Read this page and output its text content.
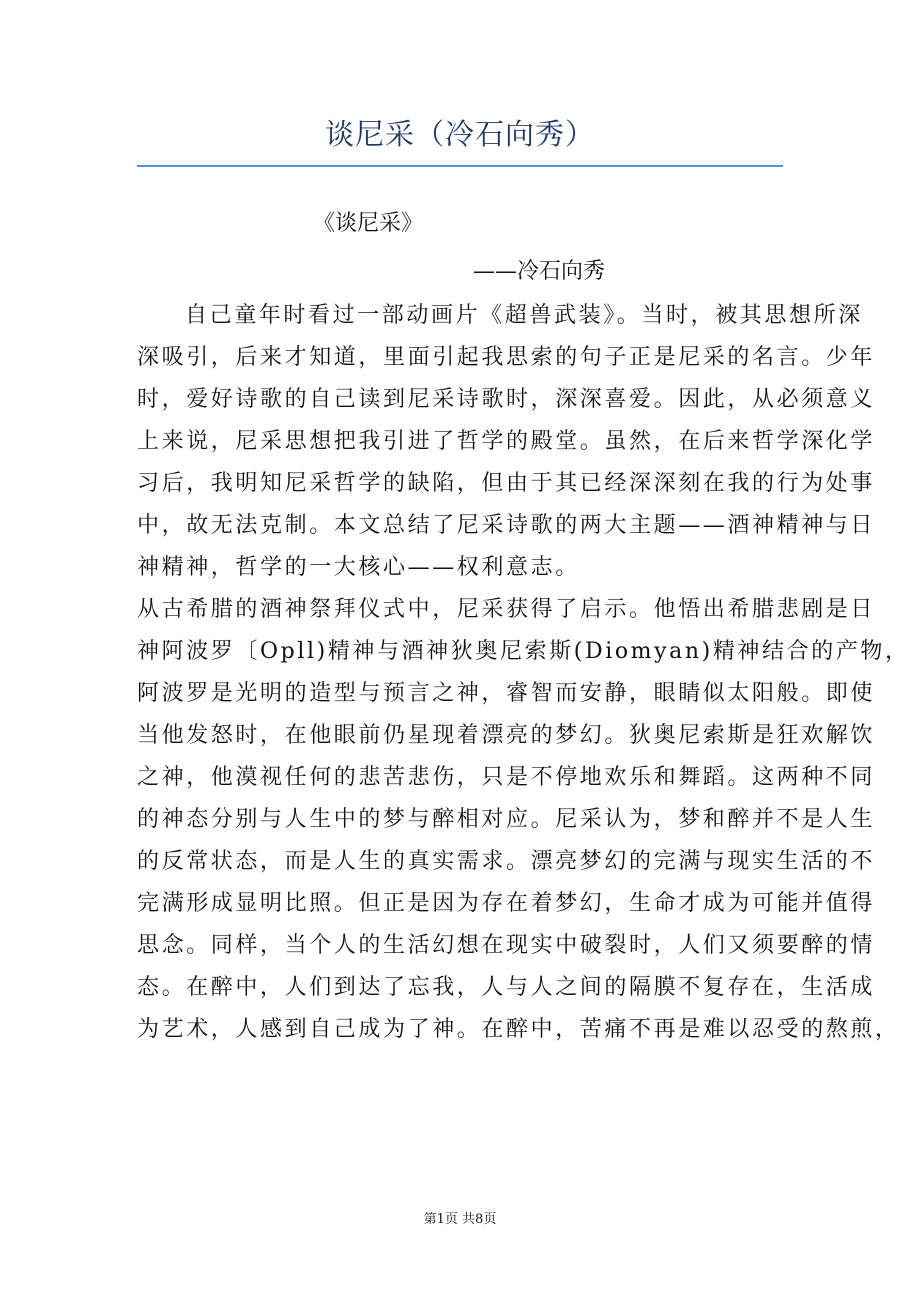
谈尼采（冷石向秀）
《谈尼采》
——冷石向秀
自己童年时看过一部动画片《超兽武装》。当时，被其思想所深
深吸引，后来才知道，里面引起我思索的句子正是尼采的名言。少年
时，爱好诗歌的自己读到尼采诗歌时，深深喜爱。因此，从必须意义
上来说，尼采思想把我引进了哲学的殿堂。虽然，在后来哲学深化学
习后，我明知尼采哲学的缺陷，但由于其已经深深刻在我的行为处事
中，故无法克制。本文总结了尼采诗歌的两大主题——酒神精神与日
神精神，哲学的一大核心——权利意志。
从古希腊的酒神祭拜仪式中，尼采获得了启示。他悟出希腊悲剧是日
神阿波罗〔Opll)精神与酒神狄奥尼索斯(Diomyan)精神结合的产物，
阿波罗是光明的造型与预言之神，睿智而安静，眼睛似太阳般。即使
当他发怒时，在他眼前仍星现着漂亮的梦幻。狄奥尼索斯是狂欢解饮
之神，他漠视任何的悲苦悲伤，只是不停地欢乐和舞蹈。这两种不同
的神态分别与人生中的梦与醉相对应。尼采认为，梦和醉并不是人生
的反常状态，而是人生的真实需求。漂亮梦幻的完满与现实生活的不
完满形成显明比照。但正是因为存在着梦幻，生命才成为可能并值得
思念。同样，当个人的生活幻想在现实中破裂时，人们又须要醉的情
态。在醉中，人们到达了忘我，人与人之间的隔膜不复存在，生活成
为艺术，人感到自己成为了神。在醉中，苦痛不再是难以忍受的熬煎，
第1页 共8页
